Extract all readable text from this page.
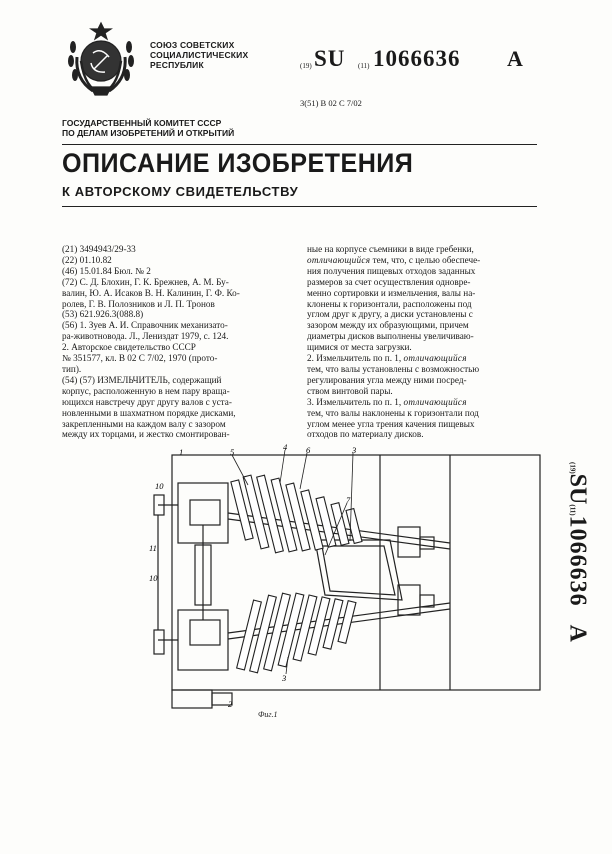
СОЮЗ СОВЕТСКИХ
СОЦИАЛИСТИЧЕСКИХ
РЕСПУБЛИК	(19) SU (11) 1066636 A
3(51) B 02 C 7/02
ГОСУДАРСТВЕННЫЙ КОМИТЕТ СССР
ПО ДЕЛАМ ИЗОБРЕТЕНИЙ И ОТКРЫТИЙ
ОПИСАНИЕ ИЗОБРЕТЕНИЯ
К АВТОРСКОМУ СВИДЕТЕЛЬСТВУ
(21) 3494943/29-33
(22) 01.10.82
(46) 15.01.84 Бюл. № 2
(72) С. Д. Блохин, Г. К. Брежнев, А. М. Бу-
валин, Ю. А. Исаков В. Н. Калинин, Г. Ф. Ко-
ролев, Г. В. Полозников и Л. П. Тронов
(53) 621.926.3(088.8)
(56) 1. Зуев А. И. Справочник механизато-
ра-животновода. Л., Лениздат 1979, с. 124.
2. Авторское свидетельство СССР
№ 351577, кл. В 02 С 7/02, 1970 (прото-
тип).
(54) (57) ИЗМЕЛЬЧИТЕЛЬ, содержащий
корпус, расположенную в нем пару враща-
ющихся навстречу друг другу валов с уста-
новленными в шахматном порядке дисками,
закрепленными на каждом валу с зазором
между их торцами, и жестко смонтирован-
ные на корпусе съемники в виде гребенки,
отличающийся тем, что, с целью обеспече-
ния получения пищевых отходов заданных
размеров за счет осуществления одновре-
менно сортировки и измельчения, валы на-
клонены к горизонтали, расположены под
углом друг к другу, а диски установлены с
зазором между их образующими, причем
диаметры дисков выполнены увеличиваю-
щимися от места загрузки.
2. Измельчитель по п. 1, отличающийся
тем, что валы установлены с возможностью
регулирования угла между ними посред-
ством винтовой пары.
3. Измельчитель по п. 1, отличающийся
тем, что валы наклонены к горизонтали под
углом менее угла трения качения пищевых
отходов по материалу дисков.
(19)SU(11)1066636A
1	5	4 6	3
7
10
11
10
3
2
Фиг.1
